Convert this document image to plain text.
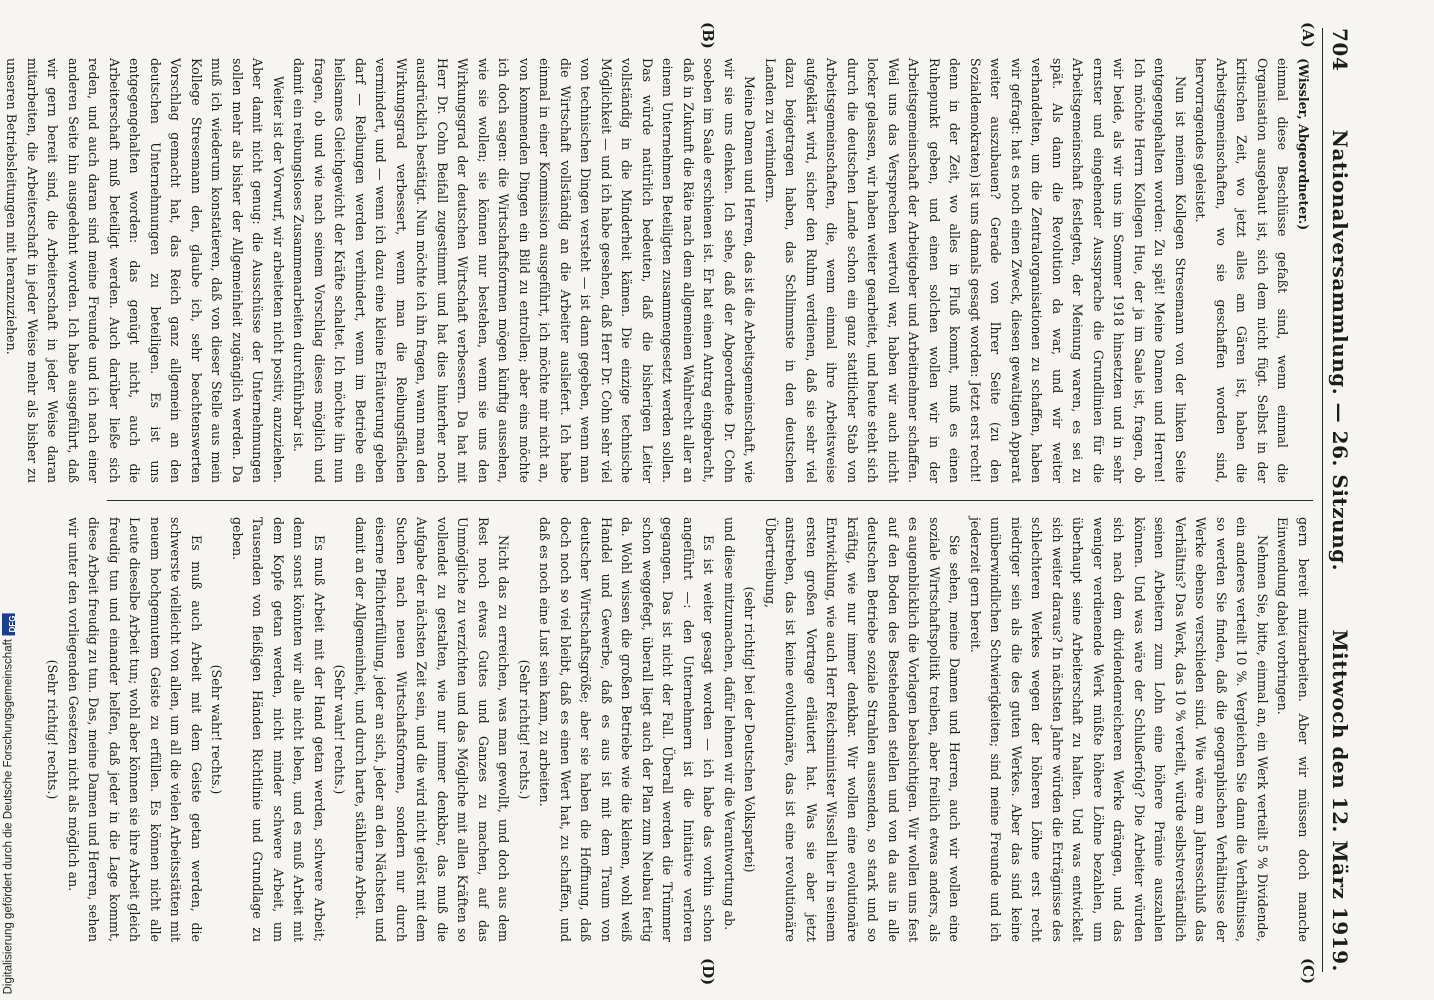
704
Nationalversammlung. — 26. Sitzung.
Mittwoch den 12. März 1919.
(A)
(B)
(C)
(D)

(Wissler, Abgeordneter.)

einmal diese Beschlüsse gefaßt sind, wenn einmal die Organisation ausgebaut ist, sich dem nicht fügt. Selbst in der kritischen Zeit, wo jetzt alles am Gären ist, haben die Arbeitsgemeinschaften, wo sie geschaffen worden sind, hervorragendes geleistet.

Nun ist meinem Kollegen Stresemann von der linken Seite entgegengehalten worden: Zu spät! Meine Damen und Herren! Ich möchte Herrn Kollegen Hue, der ja im Saale ist, fragen, ob wir beide, als wir uns im Sommer 1918 hinsetzten und in sehr ernster und eingehender Aussprache die Grundlinien für die Arbeitsgemeinschaft festlegten, der Meinung waren, es sei zu spät. Als dann die Revolution da war, und wir weiter verhandelten, um die Zentralorganisationen zu schaffen, haben wir gefragt: hat es noch einen Zweck, diesen gewaltigen Apparat weiter auszubauen? Gerade von Ihrer Seite (zu den Sozialdemokraten) ist uns damals gesagt worden: Jetzt erst recht! denn in der Zeit, wo alles in Fluß kommt, muß es einen Ruhepunkt geben, und einen solchen wollen wir in der Arbeitsgemeinschaft der Arbeitgeber und Arbeitnehmer schaffen. Weil uns das Versprechen wertvoll war, haben wir auch nicht locker gelassen, wir haben weiter gearbeitet, und heute steht sich durch die deutschen Lande schon ein ganz stattlicher Stab von Arbeitsgemeinschaften, die, wenn einmal ihre Arbeitsweise aufgeklärt wird, sicher den Ruhm verdienen, daß sie sehr viel dazu beigetragen haben, das Schlimmste in den deutschen Landen zu verhindern.

Meine Damen und Herren, das ist die Arbeitsgemeinschaft, wie wir sie uns denken. Ich sehe, daß der Abgeordnete Dr. Cohn soeben im Saale erschienen ist. Er hat einen Antrag eingebracht, daß in Zukunft die Räte nach dem allgemeinen Wahlrecht aller an einem Unternehmen Beteiligten zusammengesetzt werden sollen. Das würde natürlich bedeuten, daß die bisherigen Leiter vollständig in die Minderheit kämen. Die einzige technische Möglichkeit — und ich habe gesehen, daß Herr Dr. Cohn sehr viel von technischen Dingen versteht — ist dann gegeben, wenn man die Wirtschaft vollständig an die Arbeiter ausliefert. Ich habe einmal in einer Kommission ausgeführt, ich möchte mir nicht an, von kommenden Dingen ein Bild zu entrollen; aber eins möchte ich doch sagen: die Wirtschaftsformen mögen künftig aussehen, wie sie wollen; sie können nur bestehen, wenn sie uns den Wirkungsgrad der deutschen Wirtschaft verbessern. Da hat mit Herr Dr. Cohn Beifall zugestimmt und hat dies hinterher noch ausdrücklich bestätigt. Nun möchte ich ihn fragen, wann man den Wirkungsgrad verbessert, wenn man die Reibungsflächen vermindert, und — wenn ich dazu eine kleine Erläuterung geben darf — Reibungen werden verhindert, wenn im Betriebe ein heilsames Gleichgewicht der Kräfte schaltet. Ich möchte ihn nun fragen, ob und wie nach seinem Vorschlag dieses möglich und damit ein reibungsloses Zusammenarbeiten durchführbar ist.

Weiter ist der Vorwurf, wir arbeiteten nicht positiv, anzuziehen. Aber damit nicht genug: die Ausschüsse der Unternehmungen sollen mehr als bisher der Allgemeinheit zugänglich werden. Da muß ich wiederum konstatieren, daß von dieser Stelle aus mein Kollege Stresemann den, glaube ich, sehr beachtenswerten Vorschlag gemacht hat, das Reich ganz allgemein an den deutschen Unternehmungen zu beteiligen. Es ist uns entgegengehalten worden: das genügt nicht, auch die Arbeiterschaft muß beteiligt werden. Auch darüber ließe sich reden, und auch daran sind meine Freunde und ich nach einer anderen Seite hin ausgedehnt worden. Ich habe ausgeführt, daß wir gern bereit sind, die Arbeiterschaft in jeder Weise daran mitarbeiten, die Arbeiterschaft in jeder Weise mehr als bisher zu unseren Betriebsleitungen mit heranzuziehen.

gern bereit mitzuarbeiten. Aber wir müssen doch manche Einwendung dabei vorbringen.

Nehmen Sie, bitte, einmal an, ein Werk verteilt 5 % Dividende, ein anderes verteilt 10 %. Vergleichen Sie dann die Verhältnisse, so werden Sie finden, daß die geographischen Verhältnisse der Werke ebenso verschieden sind. Wie wäre am Jahresschluß das Verhältnis? Das Werk, das 10 % verteilt, würde selbstverständlich seinen Arbeitern zum Lohn eine höhere Prämie auszahlen können. Und was wäre der Schlußerfolg? Die Arbeiter würden sich nach dem dividendenreicheren Werke drängen, und das weniger verdienende Werk müßte höhere Löhne bezahlen, um überhaupt seine Arbeiterschaft zu halten. Und was entwickelt sich weiter daraus? In nächsten Jahre würden die Erträgnisse des schlechteren Werkes wegen der höheren Löhne erst recht niedriger sein als die des guten Werkes. Aber das sind keine unüberwindlichen Schwierigkeiten; sind meine Freunde und ich jederzeit gern bereit.

Sie sehen, meine Damen und Herren, auch wir wollen eine soziale Wirtschaftspolitik treiben, aber freilich etwas anders, als es augenblicklich die Vorlagen beabsichtigen. Wir wollen uns fest auf den Boden des Bestehenden stellen und von da aus in alle deutschen Betriebe soziale Strahlen aussenden, so stark und so kräftig, wie nur immer denkbar. Wir wollen eine evolutionäre Entwicklung, wie auch Herr Reichsminister Wissell hier in seinem ersten großen Vortrage erläutert hat. Was sie aber jetzt anstreben, das ist keine evolutionäre, das ist eine revolutionäre Übertreibung,

(sehr richtig! bei der Deutschen Volkspartei)

und diese mitzumachen, dafür lehnen wir die Verantwortung ab.

Es ist weiter gesagt worden — ich habe das vorhin schon angeführt —: den Unternehmern ist die Initiative verloren gegangen. Das ist nicht der Fall. Überall werden die Trümmer schon weggefegt, überall liegt auch der Plan zum Neubau fertig da. Wohl wissen die großen Betriebe wie die kleinen, wohl weiß Handel und Gewerbe, daß es aus ist mit dem Traum von deutscher Wirtschaftsgröße; aber sie haben die Hoffnung, daß doch noch so viel bleibt, daß es einen Wert hat, zu schaffen, und daß es noch eine Lust sein kann, zu arbeiten.

(Sehr richtig! rechts.)

Nicht das zu erreichen, was man gewollt, und doch aus dem Rest noch etwas Gutes und Ganzes zu machen, auf das Unmögliche zu verzichten und das Mögliche mit allen Kräften so vollendet zu gestalten, wie nur immer denkbar, das muß die Aufgabe der nächsten Zeit sein, und die wird nicht gelöst mit dem Suchen nach neuen Wirtschaftsformen, sondern nur durch eiserne Pflichterfüllung, jeder an sich, jeder an den Nächsten und damit an der Allgemeinheit, und durch harte, stählerne Arbeit.

(Sehr wahr! rechts.)

Es muß Arbeit mit der Hand getan werden, schwere Arbeit; denn sonst könnten wir alle nicht leben, und es muß Arbeit mit dem Kopfe getan werden, nicht minder schwere Arbeit, um Tausenden von fleißigen Händen Richtlinie und Grundlage zu geben.

(Sehr wahr! rechts.)

Es muß auch Arbeit mit dem Geiste getan werden, die schwerste vielleicht von allen, um all die vielen Arbeitsstätten mit neuem hochgemutem Geiste zu erfüllen. Es können nicht alle Leute dieselbe Arbeit tun; wohl aber können sie ihre Arbeit gleich freudig tun und einander helfen, daß jeder in die Lage kommt, diese Arbeit freudig zu tun. Das, meine Damen und Herren, sehen wir unter den vorliegenden Gesetzen nicht als möglich an.

(Sehr richtig! rechts.)

Digitalisierung gefördert durch die Deutsche Forschungsgemeinschaft
DFG
